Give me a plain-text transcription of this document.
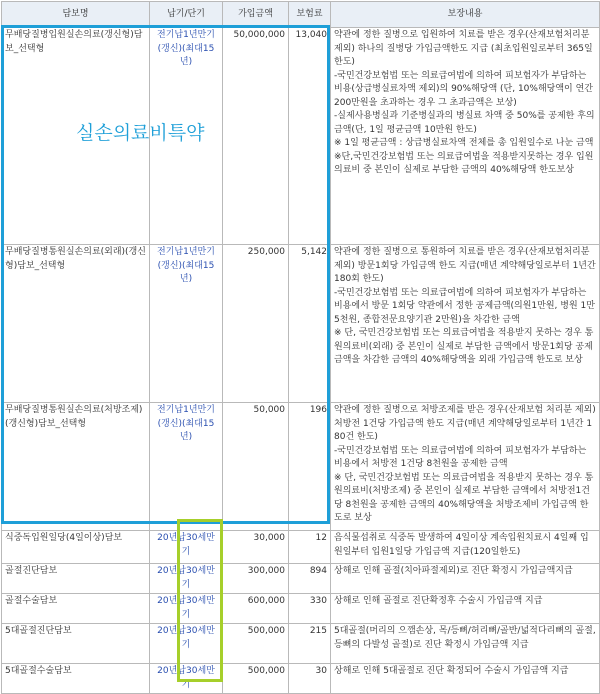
담보명	납기/단기	가입금액	보험료	보장내용
무배당질병입원실손의료(갱신형)담보_선택형	전기납1년만기(갱신)(최대15년)	50,000,000	13,040	약관에 정한 질병으로 입원하여 치료를 받은 경우(산재보험처리분 제외) 하나의 질병당 가입금액한도 지급 (최초입원일로부터 365일한도)
-국민건강보험법 또는 의료급여법에 의하여 피보험자가 부담하는 비용(상급병실료차액 제외)의 90%해당액 (단, 10%해당액이 연간 200만원을 초과하는 경우 그 초과금액은 보상)
-실제사용병실과 기준병실과의 병실료 차액 중 50%를 공제한 후의 금액(단, 1일 평균금액 10만원 한도)
※ 1일 평균금액 : 상급병실료차액 전체를 총 입원일수로 나눈 금액
※단,국민건강보험법 또는 의료급여법을 적용받지못하는 경우 입원의료비 중 본인이 실제로 부담한 금액의 40%해당액 한도보상
무배당질병통원실손의료(외래)(갱신형)담보_선택형	전기납1년만기(갱신)(최대15년)	250,000	5,142	약관에 정한 질병으로 통원하여 치료를 받은 경우(산재보험처리분 제외) 방문1회당 가입금액 한도 지급(매년 계약해당일로부터 1년간 180회 한도)
-국민건강보험법 또는 의료급여법에 의하여 피보험자가 부담하는 비용에서 방문 1회당 약관에서 정한 공제금액(의원1만원, 병원 1만5천원, 종합전문요양기관 2만원)을 차감한 금액
※ 단, 국민건강보험법 또는 의료급여법을 적용받지 못하는 경우 통원의료비(외래) 중 본인이 실제로 부담한 금액에서 방문1회당 공제금액을 차감한 금액의 40%해당액을 외래 가입금액 한도로 보상
무배당질병통원실손의료(처방조제)(갱신형)담보_선택형	전기납1년만기(갱신)(최대15년)	50,000	196	약관에 정한 질병으로 처방조제를 받은 경우(산재보험 처리분 제외) 처방전 1건당 가입금액 한도 지급(매년 계약해당일로부터 1년간 180건 한도)
-국민건강보험법 또는 의료급여법에 의하여 피보험자가 부담하는 비용에서 처방전 1건당 8천원을 공제한 금액
※ 단, 국민건강보험법 또는 의료급여법을 적용받지 못하는 경우 통원의료비(처방조제) 중 본인이 실제로 부담한 금액에서 처방전1건당 8천원을 공제한 금액의 40%해당액을 처방조제비 가입금액 한도로 보상
식중독입원일당(4일이상)담보	20년납30세만기	30,000	12	음식물섭취로 식중독 발생하여 4일이상 계속입원치료시 4일째 입원일부터 입원1일당 가입금액 지급(120일한도)
골절진단담보	20년납30세만기	300,000	894	상해로 인해 골절(치아파절제외)로 진단 확정시 가입금액지급
골절수술담보	20년납30세만기	600,000	330	상해로 인해 골절로 진단확정후 수술시 가입금액 지급
5대골절진단담보	20년납30세만기	500,000	215	5대골절(머리의 으깸손상, 목/등뼈/허리뼈/골반/넓적다리뼈의 골절, 등뼈의 다발성 골절)로 진단 확정시 가입금액 지급
5대골절수술담보	20년납30세만기	500,000	30	상해로 인해 5대골절로 진단 확정되어 수술시 가입금액 지급
실손의료비특약
